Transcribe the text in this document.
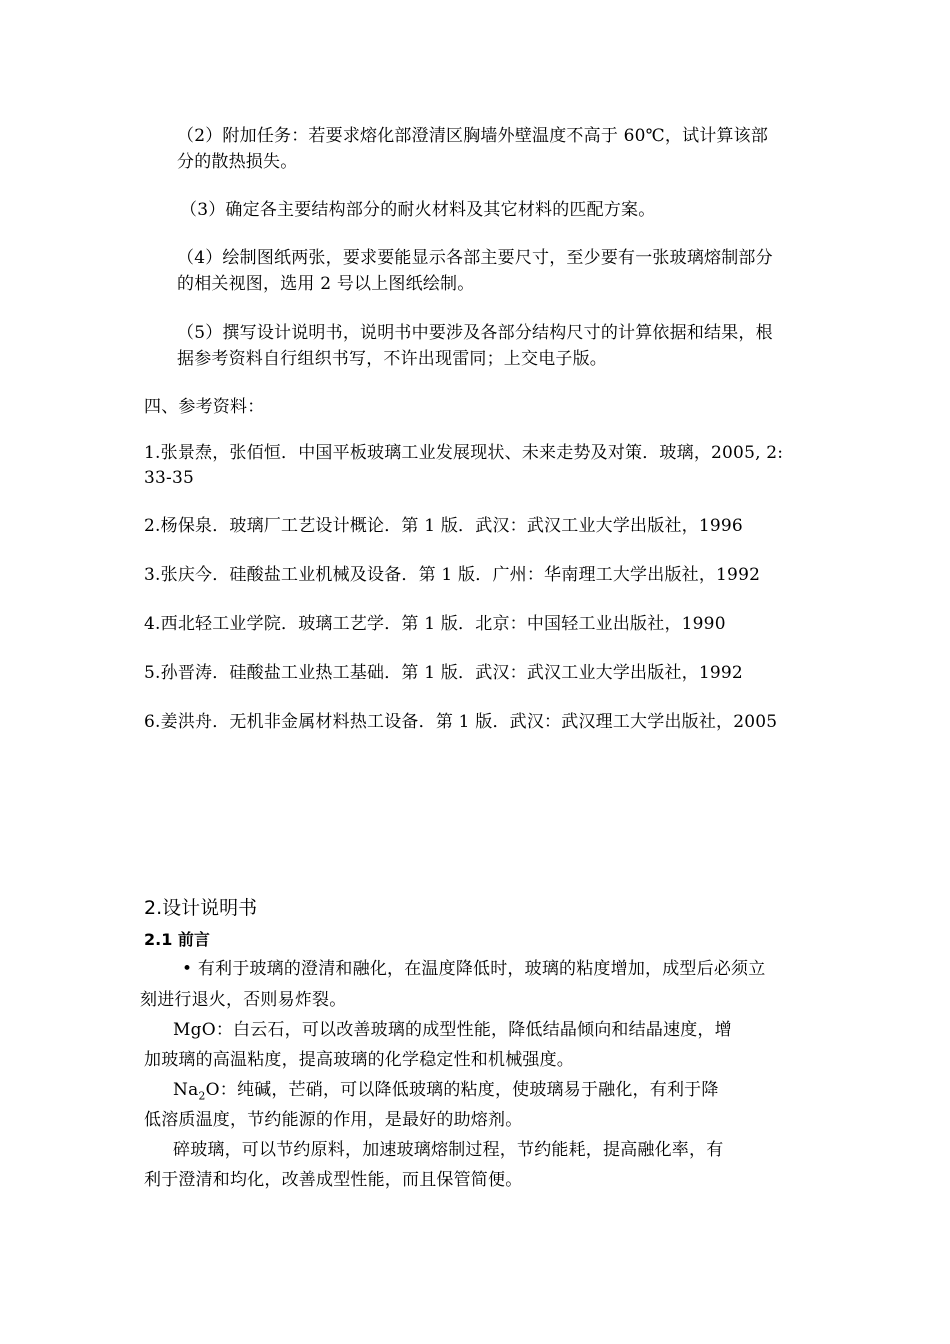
（2）附加任务：若要求熔化部澄清区胸墙外壁温度不高于 60℃，试计算该部
分的散热损失。
（3）确定各主要结构部分的耐火材料及其它材料的匹配方案。
（4）绘制图纸两张，要求要能显示各部主要尺寸，至少要有一张玻璃熔制部分
的相关视图，选用 2 号以上图纸绘制。
（5）撰写设计说明书，说明书中要涉及各部分结构尺寸的计算依据和结果，根
据参考资料自行组织书写，不许出现雷同；上交电子版。
四、参考资料：
1.张景焘，张佰恒．中国平板玻璃工业发展现状、未来走势及对策．玻璃，2005, 2:
33-35
2.杨保泉．玻璃厂工艺设计概论．第 1 版．武汉：武汉工业大学出版社，1996
3.张庆今．硅酸盐工业机械及设备．第 1 版．广州：华南理工大学出版社，1992
4.西北轻工业学院．玻璃工艺学．第 1 版．北京：中国轻工业出版社，1990
5.孙晋涛．硅酸盐工业热工基础．第 1 版．武汉：武汉工业大学出版社，1992
6.姜洪舟．无机非金属材料热工设备．第 1 版．武汉：武汉理工大学出版社，2005
2.设计说明书
2.1 前言
• 有利于玻璃的澄清和融化，在温度降低时，玻璃的粘度增加，成型后必须立
刻进行退火，否则易炸裂。
MgO：白云石，可以改善玻璃的成型性能，降低结晶倾向和结晶速度，增
加玻璃的高温粘度，提高玻璃的化学稳定性和机械强度。
$Na_2O$：纯碱，芒硝，可以降低玻璃的粘度，使玻璃易于融化，有利于降
低溶质温度，节约能源的作用，是最好的助熔剂。
碎玻璃，可以节约原料，加速玻璃熔制过程，节约能耗，提高融化率，有
利于澄清和均化，改善成型性能，而且保管简便。
